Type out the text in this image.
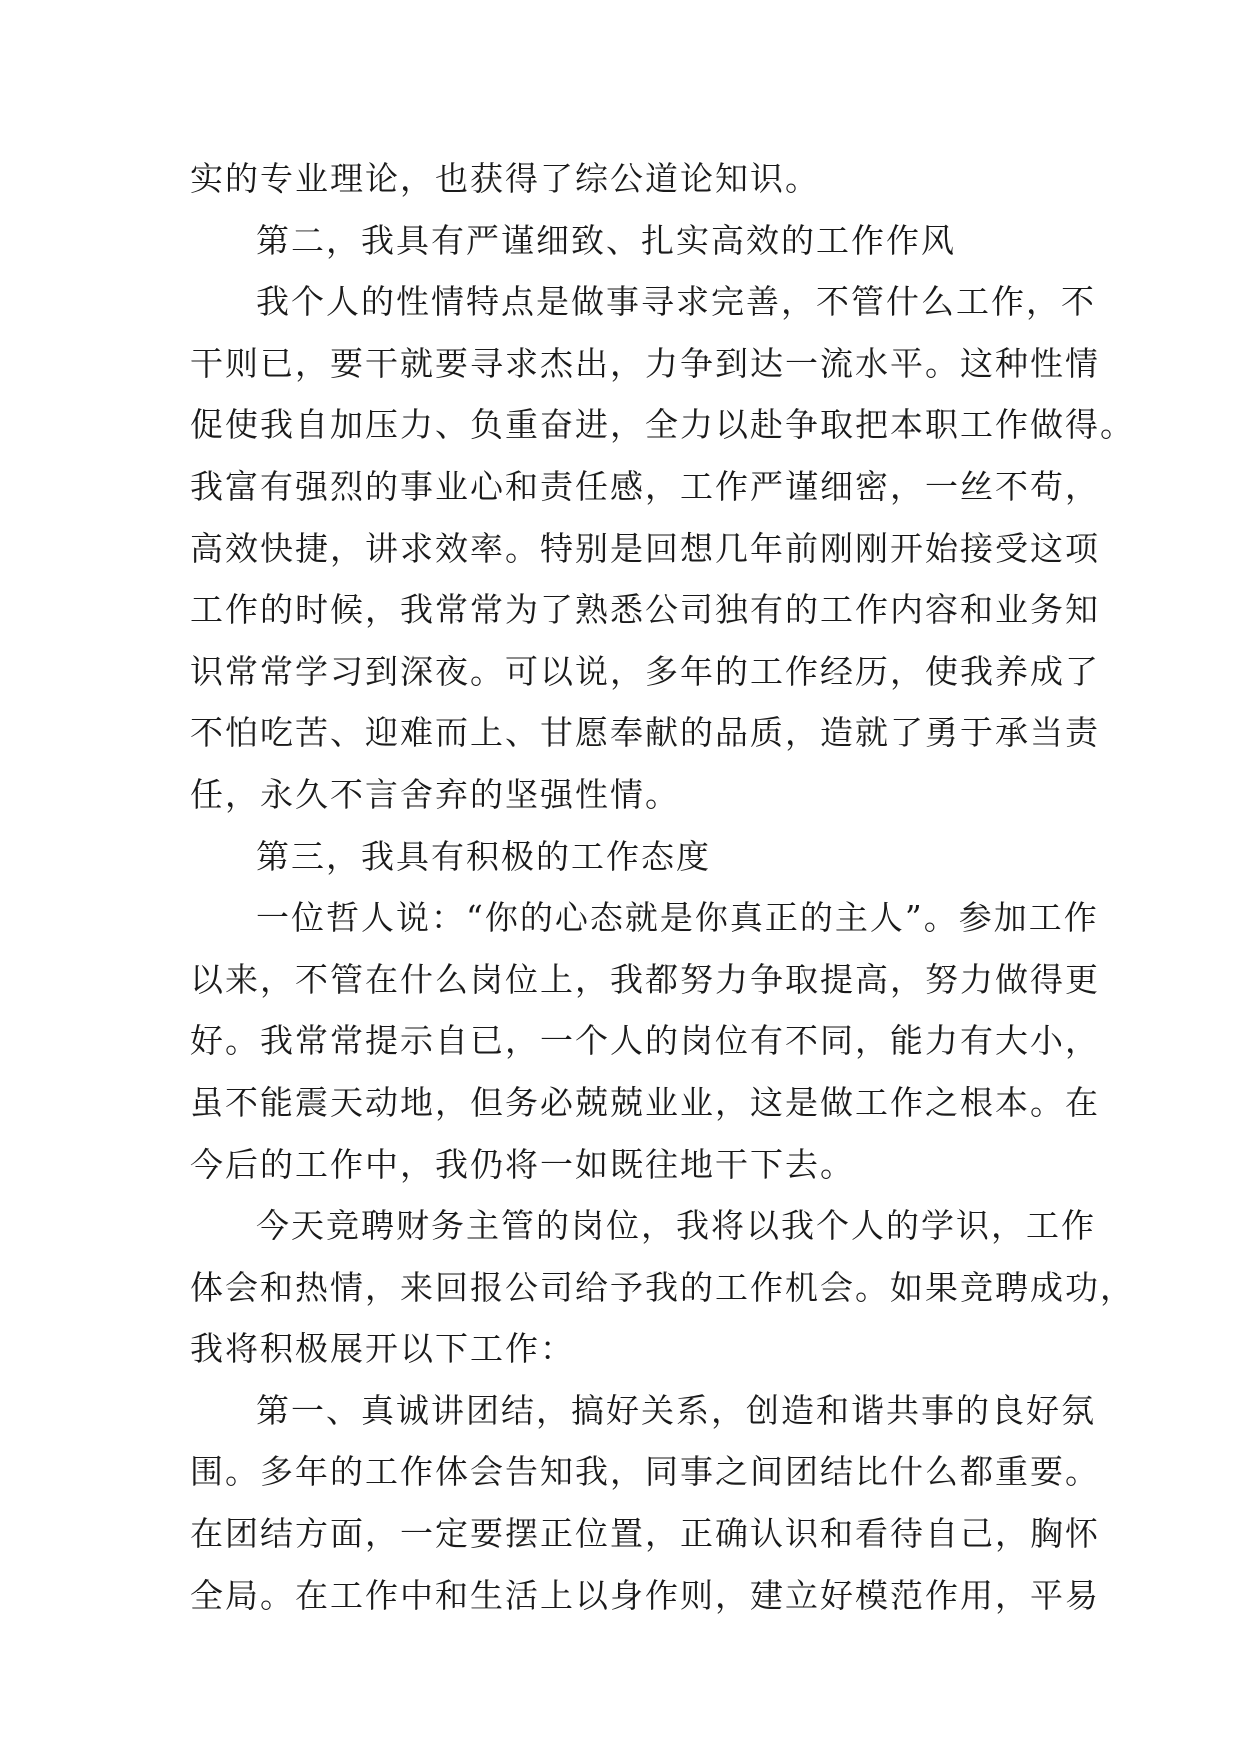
实的专业理论，也获得了综公道论知识。
第二，我具有严谨细致、扎实高效的工作作风
我个人的性情特点是做事寻求完善，不管什么工作，不
干则已，要干就要寻求杰出，力争到达一流水平。这种性情
促使我自加压力、负重奋进，全力以赴争取把本职工作做得。
我富有强烈的事业心和责任感，工作严谨细密，一丝不苟，
高效快捷，讲求效率。特别是回想几年前刚刚开始接受这项
工作的时候，我常常为了熟悉公司独有的工作内容和业务知
识常常学习到深夜。可以说，多年的工作经历，使我养成了
不怕吃苦、迎难而上、甘愿奉献的品质，造就了勇于承当责
任，永久不言舍弃的坚强性情。
第三，我具有积极的工作态度
一位哲人说：“你的心态就是你真正的主人”。参加工作
以来，不管在什么岗位上，我都努力争取提高，努力做得更
好。我常常提示自已，一个人的岗位有不同，能力有大小，
虽不能震天动地，但务必兢兢业业，这是做工作之根本。在
今后的工作中，我仍将一如既往地干下去。
今天竞聘财务主管的岗位，我将以我个人的学识，工作
体会和热情，来回报公司给予我的工作机会。如果竞聘成功，
我将积极展开以下工作：
第一、真诚讲团结，搞好关系，创造和谐共事的良好氛
围。多年的工作体会告知我，同事之间团结比什么都重要。
在团结方面，一定要摆正位置，正确认识和看待自己，胸怀
全局。在工作中和生活上以身作则，建立好模范作用，平易
